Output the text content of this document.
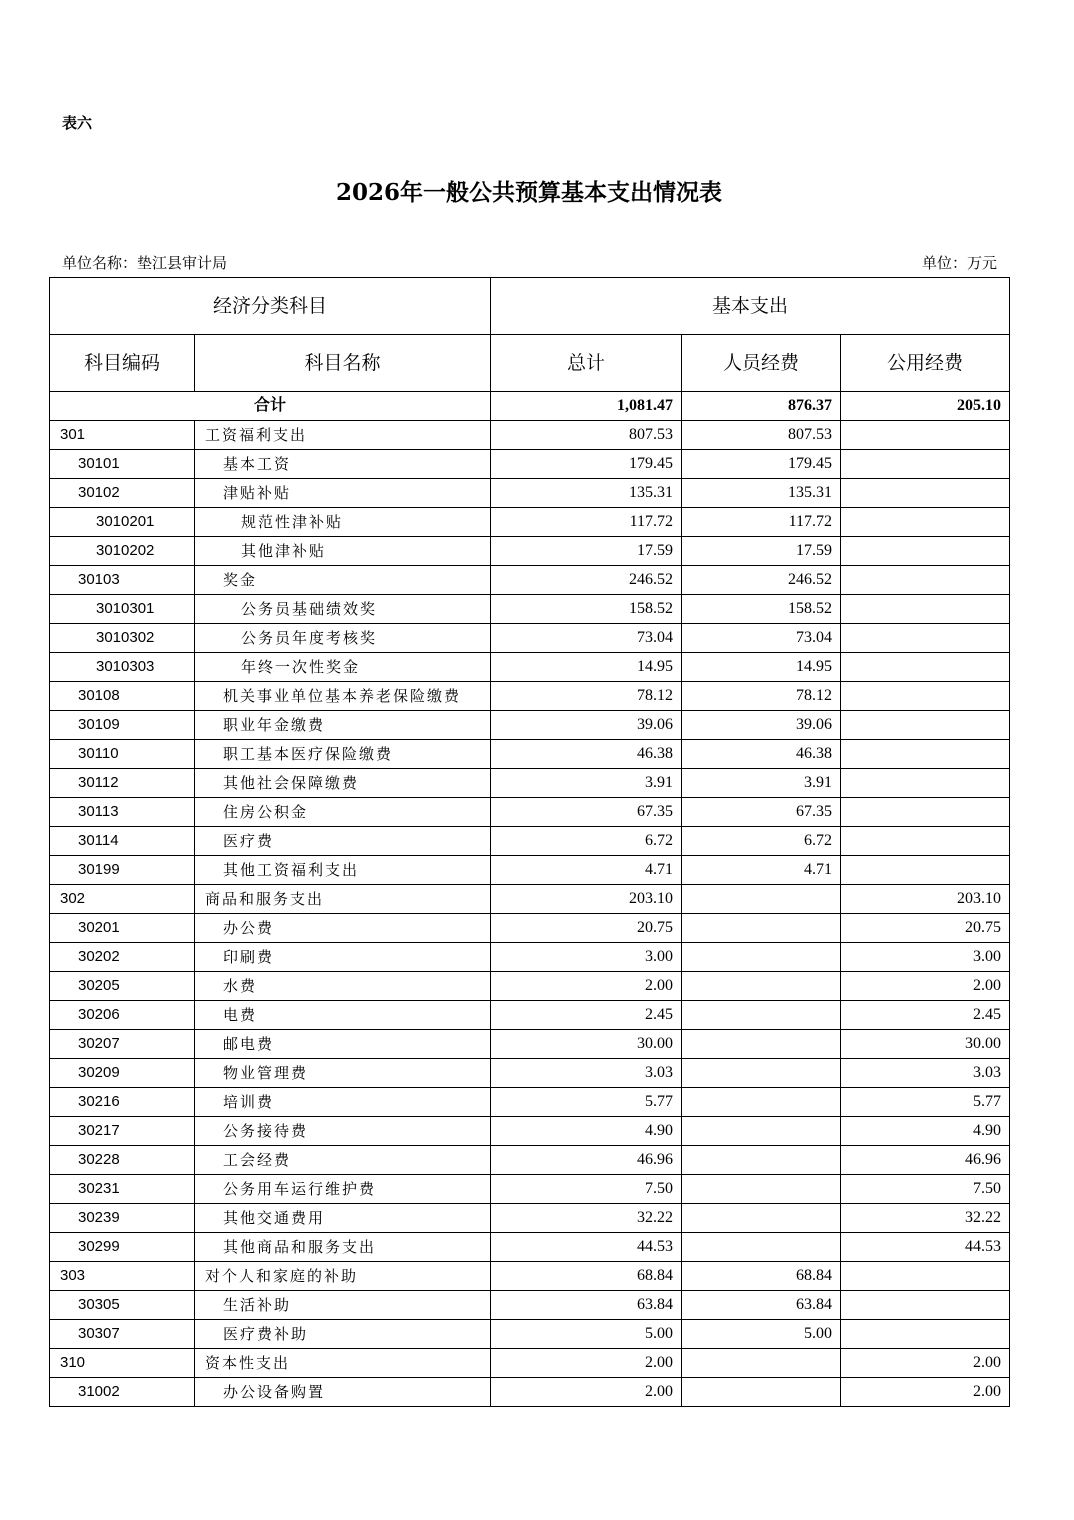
表六
2026年一般公共预算基本支出情况表
单位名称：垫江县审计局	单位：万元
经济分类科目		基本支出		
科目编码	科目名称	总计	人员经费	公用经费
合计		1,081.47	876.37	205.10
301	工资福利支出	807.53	807.53	
30101	基本工资	179.45	179.45	
30102	津贴补贴	135.31	135.31	
3010201	规范性津补贴	117.72	117.72	
3010202	其他津补贴	17.59	17.59	
30103	奖金	246.52	246.52	
3010301	公务员基础绩效奖	158.52	158.52	
3010302	公务员年度考核奖	73.04	73.04	
3010303	年终一次性奖金	14.95	14.95	
30108	机关事业单位基本养老保险缴费	78.12	78.12	
30109	职业年金缴费	39.06	39.06	
30110	职工基本医疗保险缴费	46.38	46.38	
30112	其他社会保障缴费	3.91	3.91	
30113	住房公积金	67.35	67.35	
30114	医疗费	6.72	6.72	
30199	其他工资福利支出	4.71	4.71	
302	商品和服务支出	203.10		203.10
30201	办公费	20.75		20.75
30202	印刷费	3.00		3.00
30205	水费	2.00		2.00
30206	电费	2.45		2.45
30207	邮电费	30.00		30.00
30209	物业管理费	3.03		3.03
30216	培训费	5.77		5.77
30217	公务接待费	4.90		4.90
30228	工会经费	46.96		46.96
30231	公务用车运行维护费	7.50		7.50
30239	其他交通费用	32.22		32.22
30299	其他商品和服务支出	44.53		44.53
303	对个人和家庭的补助	68.84	68.84	
30305	生活补助	63.84	63.84	
30307	医疗费补助	5.00	5.00	
310	资本性支出	2.00		2.00
31002	办公设备购置	2.00		2.00
